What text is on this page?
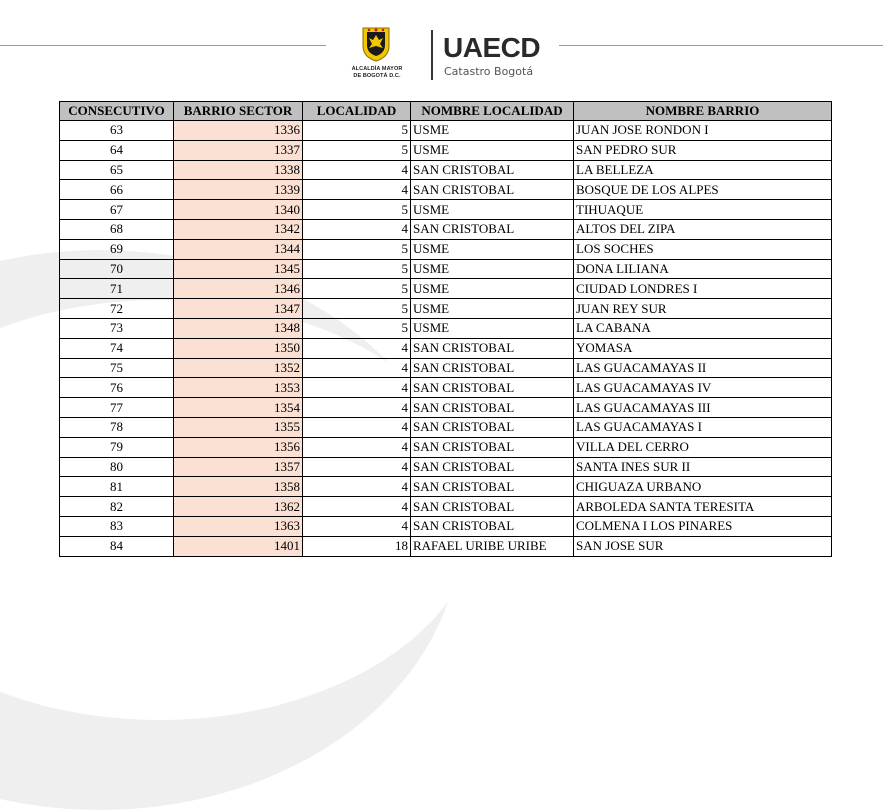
ALCALDÍA MAYOR
DE BOGOTÁ D.C.
UAECD
Catastro Bogotá
CONSECUTIVO	BARRIO SECTOR	LOCALIDAD	NOMBRE LOCALIDAD	NOMBRE BARRIO
63	1336	5	USME	JUAN JOSE RONDON I
64	1337	5	USME	SAN PEDRO SUR
65	1338	4	SAN CRISTOBAL	LA BELLEZA
66	1339	4	SAN CRISTOBAL	BOSQUE DE LOS ALPES
67	1340	5	USME	TIHUAQUE
68	1342	4	SAN CRISTOBAL	ALTOS DEL ZIPA
69	1344	5	USME	LOS SOCHES
70	1345	5	USME	DONA LILIANA
71	1346	5	USME	CIUDAD LONDRES I
72	1347	5	USME	JUAN REY SUR
73	1348	5	USME	LA CABANA
74	1350	4	SAN CRISTOBAL	YOMASA
75	1352	4	SAN CRISTOBAL	LAS GUACAMAYAS II
76	1353	4	SAN CRISTOBAL	LAS GUACAMAYAS IV
77	1354	4	SAN CRISTOBAL	LAS GUACAMAYAS III
78	1355	4	SAN CRISTOBAL	LAS GUACAMAYAS I
79	1356	4	SAN CRISTOBAL	VILLA DEL CERRO
80	1357	4	SAN CRISTOBAL	SANTA INES SUR II
81	1358	4	SAN CRISTOBAL	CHIGUAZA URBANO
82	1362	4	SAN CRISTOBAL	ARBOLEDA SANTA TERESITA
83	1363	4	SAN CRISTOBAL	COLMENA I LOS PINARES
84	1401	18	RAFAEL URIBE URIBE	SAN JOSE SUR
